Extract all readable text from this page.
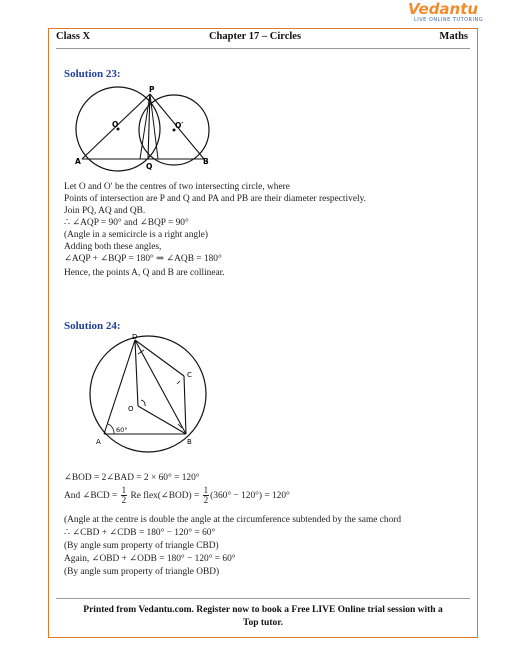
Vedantu
LIVE ONLINE TUTORING
Class X	Chapter 17 – Circles	Maths
Solution 23:
P
Q
A	B
O	O′
Let O and O′ be the centres of two intersecting circle, where
Points of intersection are P and Q and PA and PB are their diameter respectively.
Join PQ, AQ and QB.
∴ ∠AQP = 90° and ∠BQP = 90°
(Angle in a semicircle is a right angle)
Adding both these angles,
∠AQP + ∠BQP = 180° ⇒ ∠AQB = 180°
Hence, the points A, Q and B are collinear.
Solution 24:
D
C
O
A	B
60°
∠BOD = 2∠BAD = 2 × 60° = 120°
And ∠BCD = $\frac{1}{2}$ Re flex(∠BOD) = $\frac{1}{2} (360^\circ - 120^\circ) = 120^\circ$
(Angle at the centre is double the angle at the circumference subtended by the same chord
∴ ∠CBD + ∠CDB = 180° − 120° = 60°
(By angle sum property of triangle CBD)
Again, ∠OBD + ∠ODB = 180° − 120° = 60°
(By angle sum property of triangle OBD)
Printed from Vedantu.com. Register now to book a Free LIVE Online trial session with a
Top tutor.
